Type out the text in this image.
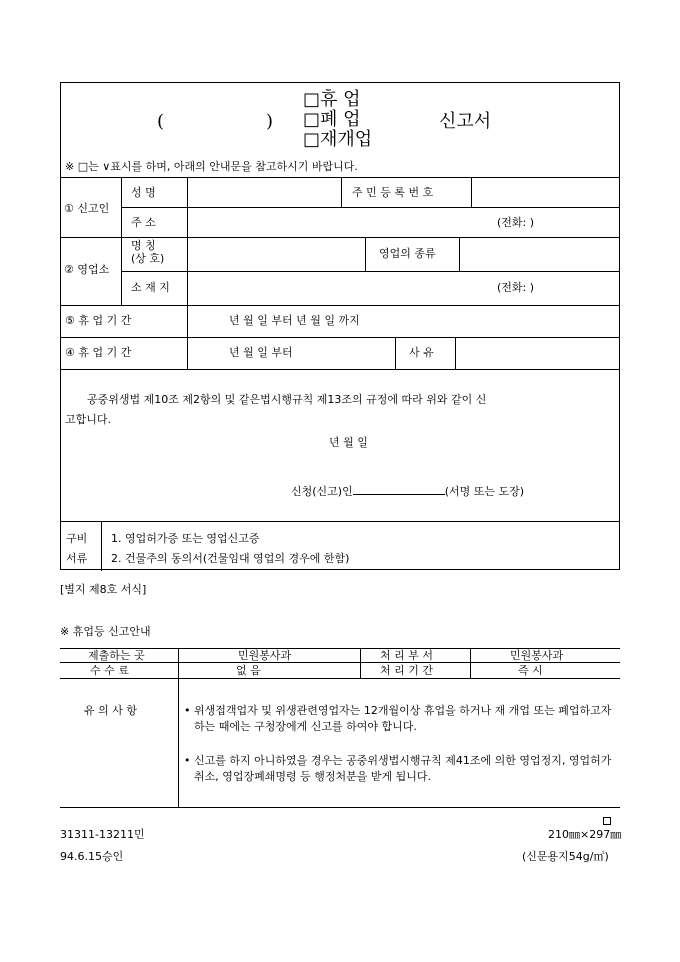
(	)
□휴 업
□폐 업
□재개업
신고서
※ □는 ∨표시를 하며, 아래의 안내문을 참고하시기 바랍니다.
① 신고인
성 명	주 민 등 록 번 호
주 소	(전화: )
② 영업소
명 칭
(상 호)	영업의 종류
소 재 지	(전화: )
⑤ 휴 업 기 간	년 월 일 부터 년 월 일 까지
④ 휴 업 기 간	년 월 일 부터	사 유
공중위생법 제10조 제2항의 및 같은법시행규칙 제13조의 규정에 따라 위와 같이 신
고합니다.
년 월 일
신청(신고)인	(서명 또는 도장)
구비
서류
1. 영업허가증 또는 영업신고증
2. 건물주의 동의서(건물임대 영업의 경우에 한함)
[별지 제8호 서식]
※ 휴업등 신고안내
제출하는 곳	민원봉사과	처 리 부 서	민원봉사과
수 수 료	없 음	처 리 기 간	즉 시
유 의 사 항	• 위생접객업자 및 위생관련영업자는 12개월이상 휴업을 하거나 재 개업 또는 폐업하고자 하는 때에는 구청장에게 신고를 하여야 합니다.
• 신고를 하지 아니하였을 경우는 공중위생법시행규칙 제41조에 의한 영업정지, 영업허가취소, 영업장폐쇄명령 등 행정처분을 받게 됩니다.
31311-13211민
94.6.15승인
210㎜×297㎜
(신문용지54g/㎡)
